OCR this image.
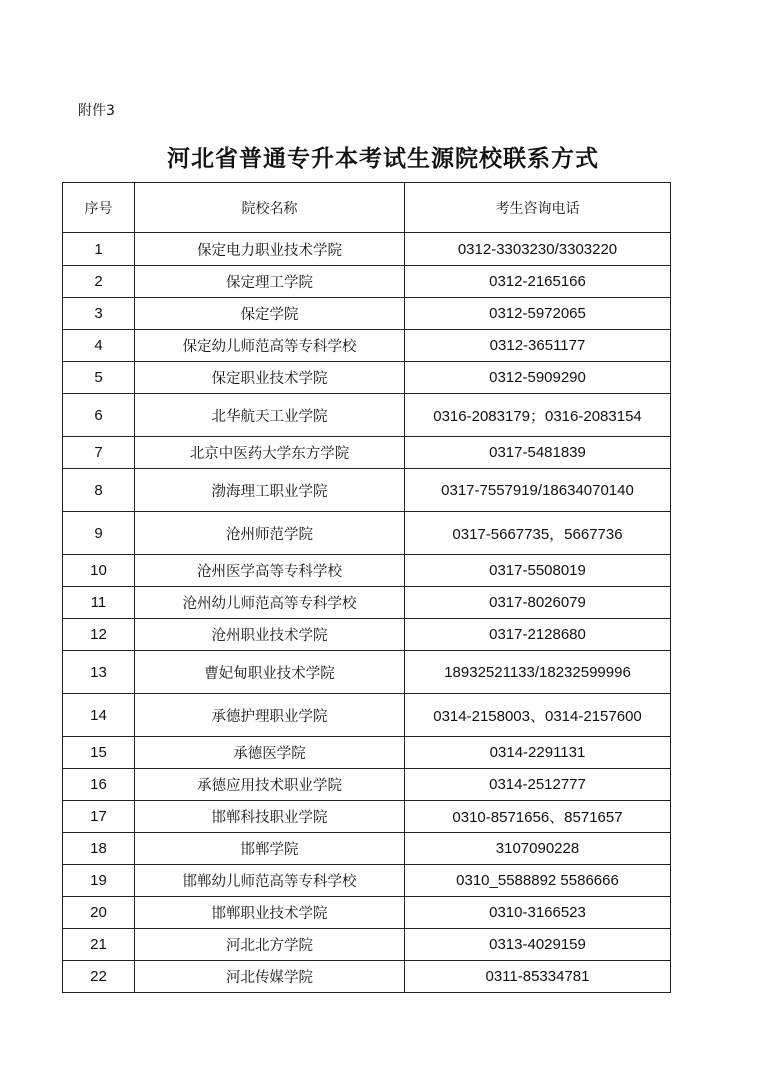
附件3
河北省普通专升本考试生源院校联系方式
序号	院校名称	考生咨询电话
1	保定电力职业技术学院	0312-3303230/3303220
2	保定理工学院	0312-2165166
3	保定学院	0312-5972065
4	保定幼儿师范高等专科学校	0312-3651177
5	保定职业技术学院	0312-5909290
6	北华航天工业学院	0316-2083179；0316-2083154
7	北京中医药大学东方学院	0317-5481839
8	渤海理工职业学院	0317-7557919/18634070140
9	沧州师范学院	0317-5667735，5667736
10	沧州医学高等专科学校	0317-5508019
11	沧州幼儿师范高等专科学校	0317-8026079
12	沧州职业技术学院	0317-2128680
13	曹妃甸职业技术学院	18932521133/18232599996
14	承德护理职业学院	0314-2158003、0314-2157600
15	承德医学院	0314-2291131
16	承德应用技术职业学院	0314-2512777
17	邯郸科技职业学院	0310-8571656、8571657
18	邯郸学院	3107090228
19	邯郸幼儿师范高等专科学校	0310_5588892 5586666
20	邯郸职业技术学院	0310-3166523
21	河北北方学院	0313-4029159
22	河北传媒学院	0311-85334781
